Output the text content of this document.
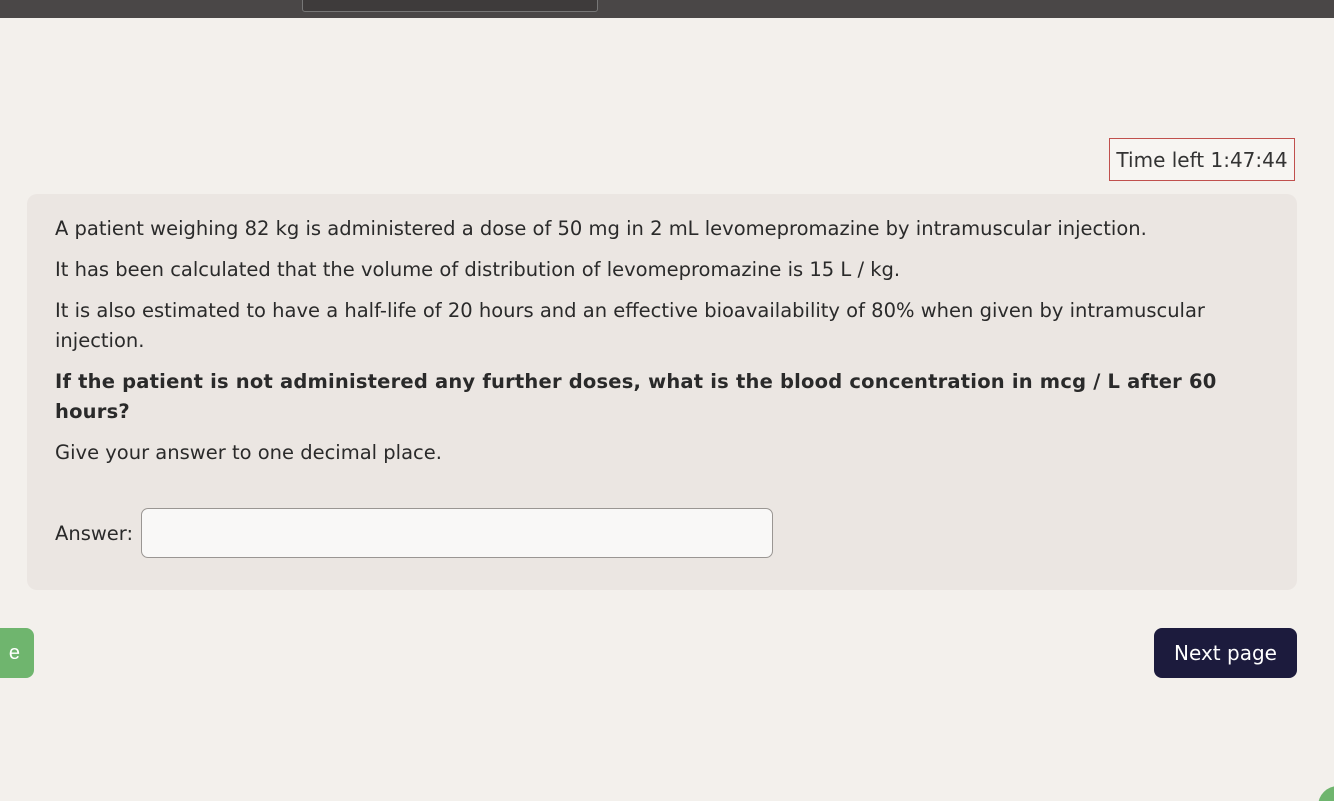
Time left 1:47:44

A patient weighing 82 kg is administered a dose of 50 mg in 2 mL levomepromazine by intramuscular injection.

It has been calculated that the volume of distribution of levomepromazine is 15 L / kg.

It is also estimated to have a half-life of 20 hours and an effective bioavailability of 80% when given by intramuscular injection.

If the patient is not administered any further doses, what is the blood concentration in mcg / L after 60 hours?

Give your answer to one decimal place.

Answer:
e	Next page
